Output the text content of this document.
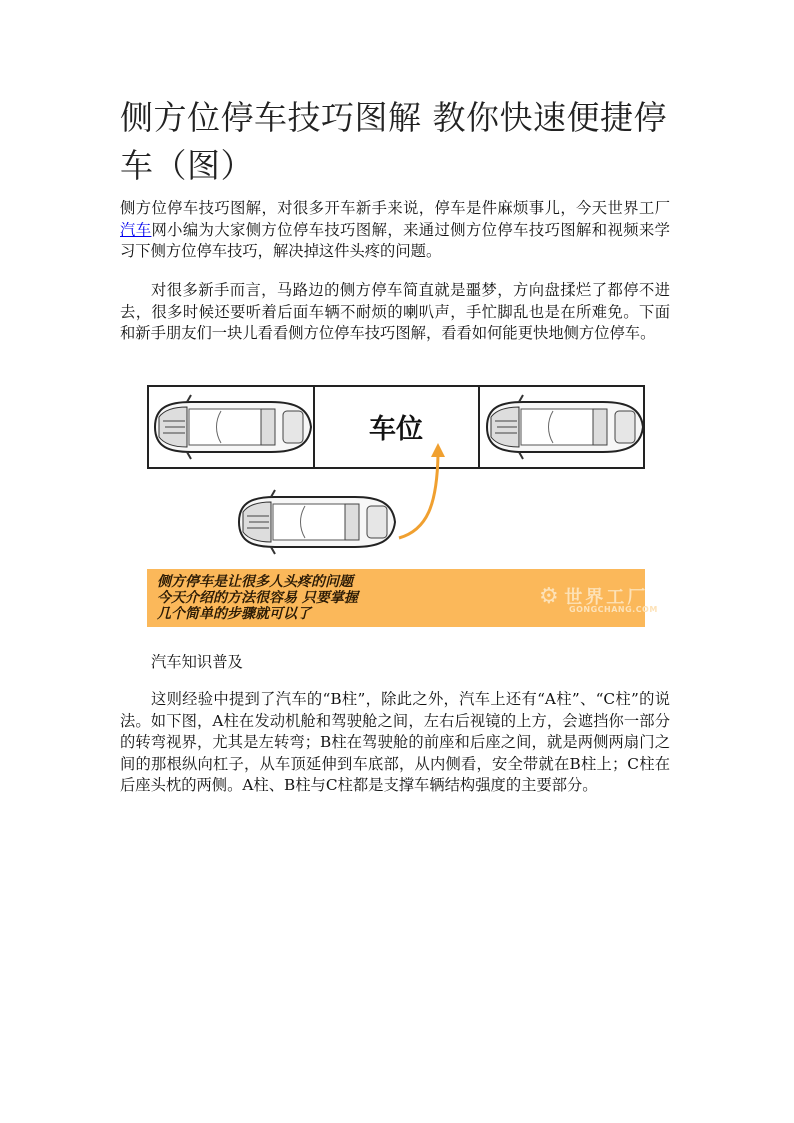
侧方位停车技巧图解 教你快速便捷停车（图）

侧方位停车技巧图解，对很多开车新手来说，停车是件麻烦事儿，今天世界工厂汽车网小编为大家侧方位停车技巧图解，来通过侧方位停车技巧图解和视频来学习下侧方位停车技巧，解决掉这件头疼的问题。

对很多新手而言，马路边的侧方停车简直就是噩梦，方向盘揉烂了都停不进去，很多时候还要听着后面车辆不耐烦的喇叭声，手忙脚乱也是在所难免。下面和新手朋友们一块儿看看侧方位停车技巧图解，看看如何能更快地侧方位停车。

车位
侧方停车是让很多人头疼的问题
今天介绍的方法很容易 只要掌握
几个简单的步骤就可以了
⚙ 世界工厂
GONGCHANG.COM

汽车知识普及

这则经验中提到了汽车的“B柱”，除此之外，汽车上还有“A柱”、“C柱”的说法。如下图，A柱在发动机舱和驾驶舱之间，左右后视镜的上方，会遮挡你一部分的转弯视界，尤其是左转弯；B柱在驾驶舱的前座和后座之间，就是两侧两扇门之间的那根纵向杠子，从车顶延伸到车底部，从内侧看，安全带就在B柱上；C柱在后座头枕的两侧。A柱、B柱与C柱都是支撑车辆结构强度的主要部分。
